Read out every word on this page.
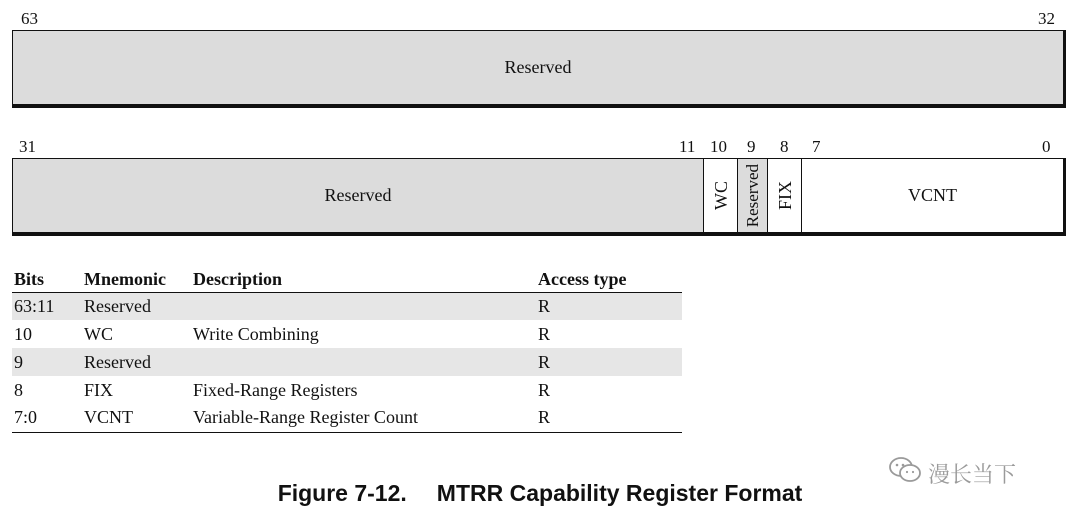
63	32
Reserved
31	11 10 9 8 7	0
Reserved	WC Reserved FIX	VCNT
Bits	Mnemonic	Description	Access type
63:11	Reserved		R
10	WC	Write Combining	R
9	Reserved		R
8	FIX	Fixed-Range Registers	R
7:0	VCNT	Variable-Range Register Count	R
漫长当下
Figure 7-12. MTRR Capability Register Format
